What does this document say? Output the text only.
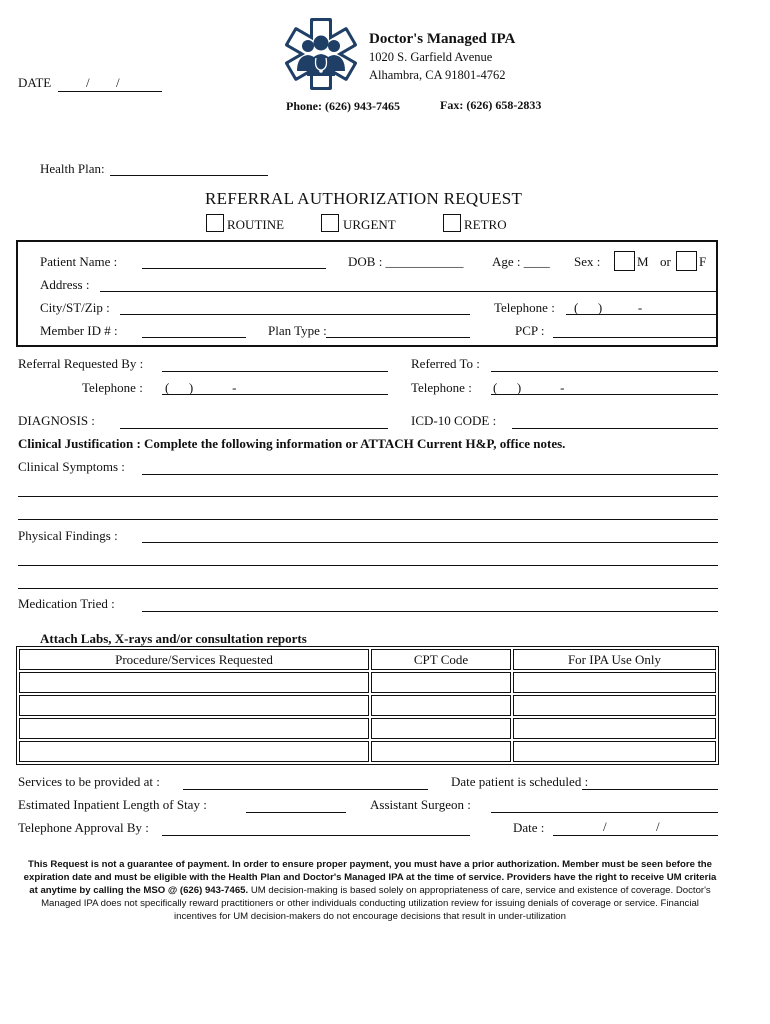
Doctor's Managed IPA
1020 S. Garfield Avenue
Alhambra, CA 91801-4762
Phone: (626) 943-7465	Fax: (626) 658-2833
DATE	/ /
Health Plan:
REFERRAL AUTHORIZATION REQUEST
ROUTINE	URGENT	RETRO
Patient Name :	DOB : ____________ Age : ____ Sex :	M or F
Address :
City/ST/Zip :	Telephone : (      )           -
Member ID # :	Plan Type :	PCP :
Referral Requested By :	Referred To :
Telephone : (      )            -	Telephone : (      )            -
DIAGNOSIS :	ICD-10 CODE :
Clinical Justification : Complete the following information or ATTACH Current H&P, office notes.
Clinical Symptoms :
Physical Findings :
Medication Tried :
Attach Labs, X-rays and/or consultation reports
Procedure/Services Requested	CPT Code	For IPA Use Only

Services to be provided at :	Date patient is scheduled :
Estimated Inpatient Length of Stay :	Assistant Surgeon :
Telephone Approval By :	Date :	/	/
This Request is not a guarantee of payment. In order to ensure proper payment, you must have a prior authorization. Member must be seen before the expiration date and must be eligible with the Health Plan and Doctor's Managed IPA at the time of service. Providers have the right to receive UM criteria at anytime by calling the MSO @ (626) 943-7465. UM decision-making is based solely on appropriateness of care, service and existence of coverage. Doctor's Managed IPA does not specifically reward practitioners or other individuals conducting utilization review for issuing denials of coverage or service. Financial incentives for UM decision-makers do not encourage decisions that result in under-utilization
